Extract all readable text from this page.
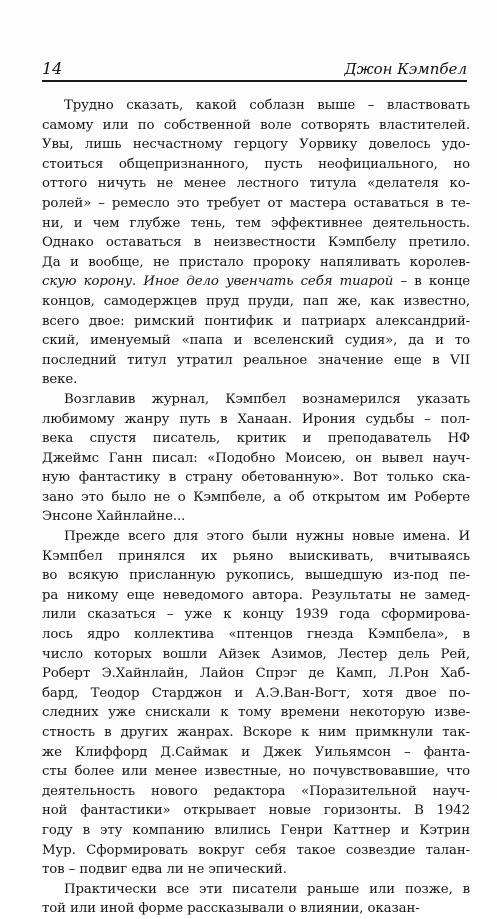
14	Джон Кэмпбел

Трудно сказать, какой соблазн выше – властвовать
самому или по собственной воле сотворять властителей.
Увы, лишь несчастному герцогу Уорвику довелось удо-
стоиться общепризнанного, пусть неофициального, но
оттого ничуть не менее лестного титула «делателя ко-
ролей» – ремесло это требует от мастера оставаться в те-
ни, и чем глубже тень, тем эффективнее деятельность.
Однако оставаться в неизвестности Кэмпбелу претило.
Да и вообще, не пристало пророку напяливать королев-
скую корону. Иное дело увенчать себя тиарой – в конце
концов, самодержцев пруд пруди, пап же, как известно,
всего двое: римский понтифик и патриарх александрий-
ский, именуемый «папа и вселенский судия», да и то
последний титул утратил реальное значение еще в VII
веке.

Возглавив журнал, Кэмпбел вознамерился указать
любимому жанру путь в Ханаан. Ирония судьбы – пол-
века спустя писатель, критик и преподаватель НФ
Джеймс Ганн писал: «Подобно Моисею, он вывел науч-
ную фантастику в страну обетованную». Вот только ска-
зано это было не о Кэмпбеле, а об открытом им Роберте
Энсоне Хайнлайне...

Прежде всего для этого были нужны новые имена. И
Кэмпбел принялся их рьяно выискивать, вчитываясь
во всякую присланную рукопись, вышедшую из-под пе-
ра никому еще неведомого автора. Результаты не замед-
лили сказаться – уже к концу 1939 года сформирова-
лось ядро коллектива «птенцов гнезда Кэмпбела», в
число которых вошли Айзек Азимов, Лестер дель Рей,
Роберт Э.Хайнлайн, Лайон Спрэг де Камп, Л.Рон Хаб-
бард, Теодор Старджон и А.Э.Ван-Вогт, хотя двое по-
следних уже снискали к тому времени некоторую изве-
стность в других жанрах. Вскоре к ним примкнули так-
же Клиффорд Д.Саймак и Джек Уильямсон – фанта-
сты более или менее известные, но почувствовавшие, что
деятельность нового редактора «Поразительной науч-
ной фантастики» открывает новые горизонты. В 1942
году в эту компанию влились Генри Каттнер и Кэтрин
Мур. Сформировать вокруг себя такое созвездие талан-
тов – подвиг едва ли не эпический.

Практически все эти писатели раньше или позже, в
той или иной форме рассказывали о влиянии, оказан-
